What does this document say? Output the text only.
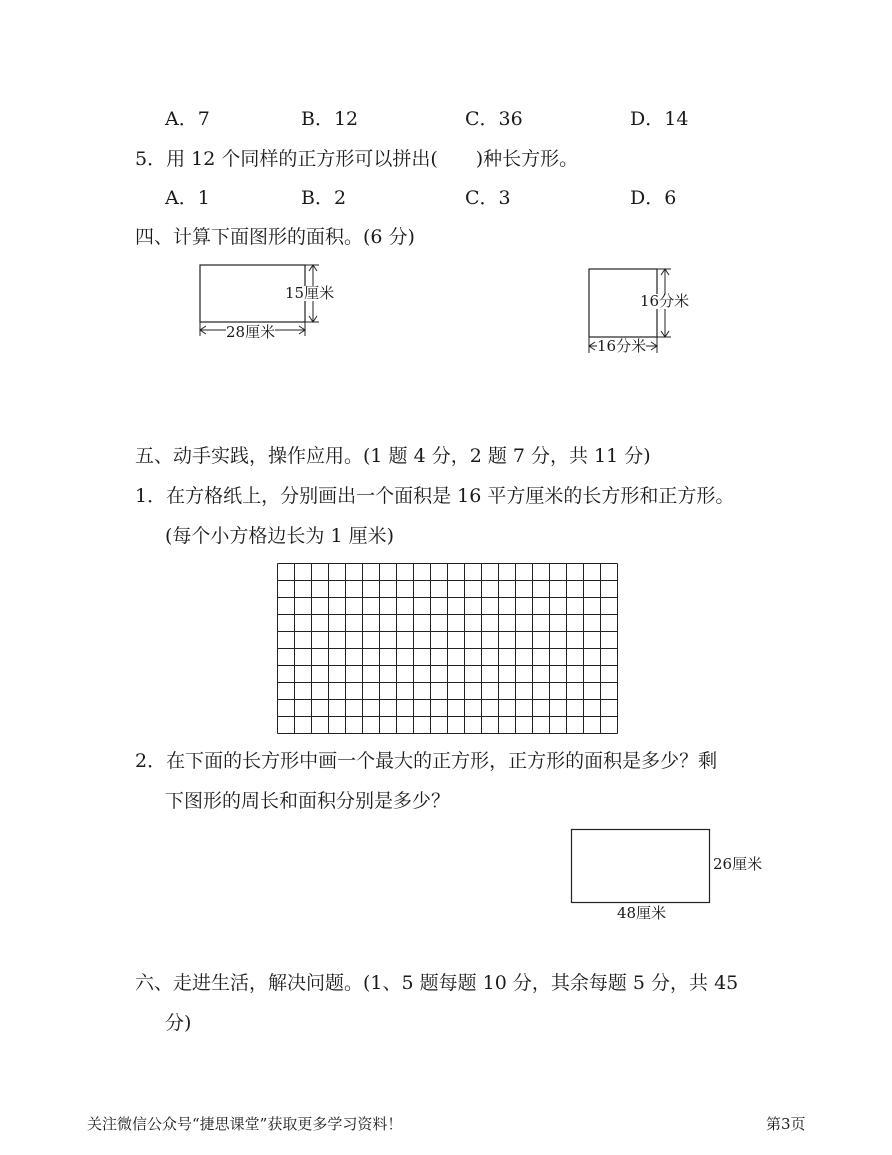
A．7	B．12	C．36	D．14
5．用 12 个同样的正方形可以拼出(　　)种长方形。
A．1	B．2	C．3	D．6
四、计算下面图形的面积。(6 分)
15厘米
28厘米
16分米
16分米
五、动手实践，操作应用。(1 题 4 分，2 题 7 分，共 11 分)
1．在方格纸上，分别画出一个面积是 16 平方厘米的长方形和正方形。
(每个小方格边长为 1 厘米)
2．在下面的长方形中画一个最大的正方形，正方形的面积是多少？剩
下图形的周长和面积分别是多少？
26厘米
48厘米
六、走进生活，解决问题。(1、5 题每题 10 分，其余每题 5 分，共 45
分)
关注微信公众号“捷思课堂”获取更多学习资料！	第3页
